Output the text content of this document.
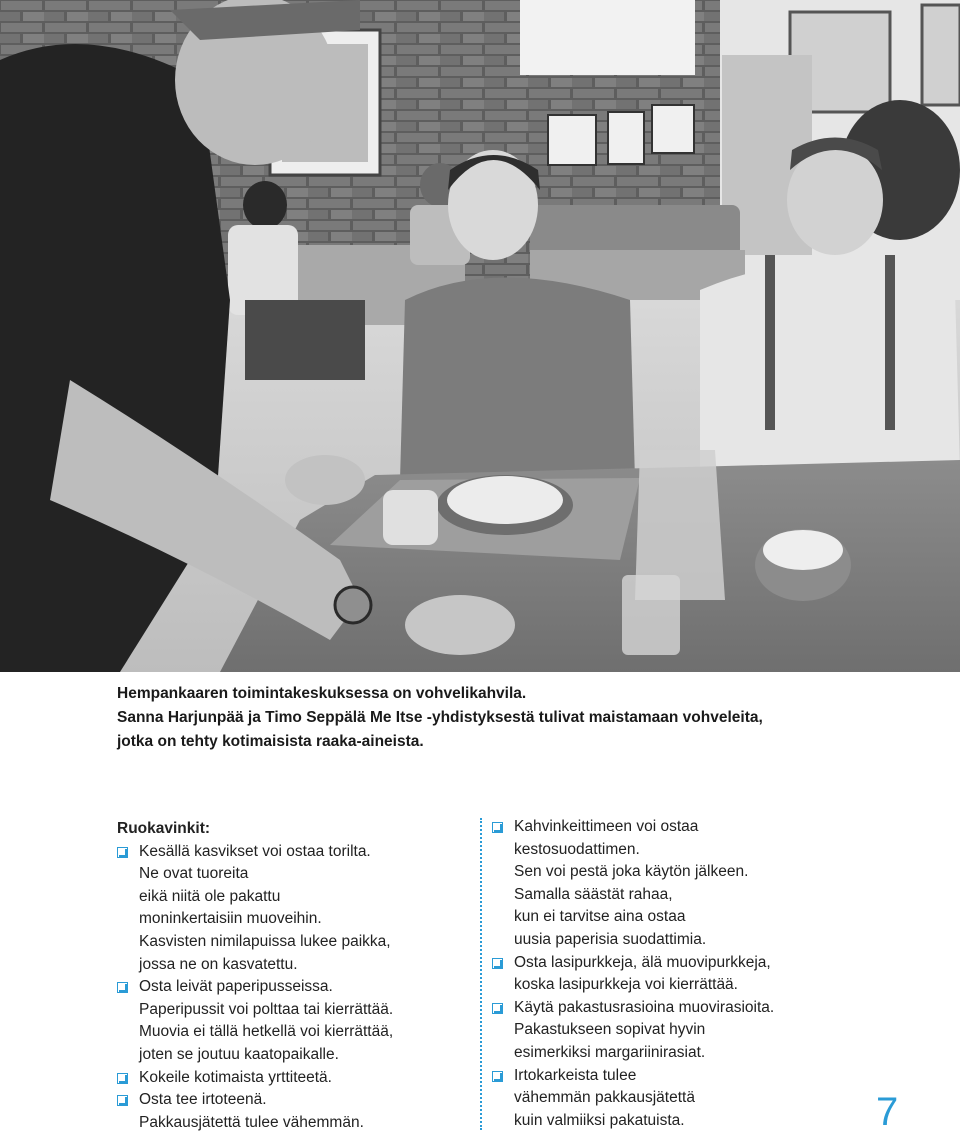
Hempankaaren toimintakeskuksessa on vohvelikahvila.
Sanna Harjunpää ja Timo Seppälä Me Itse -yhdistyksestä tulivat maistamaan vohveleita,
jotka on tehty kotimaisista raaka-aineista.
Ruokavinkit:
Kesällä kasvikset voi ostaa torilta.
Ne ovat tuoreita
eikä niitä ole pakattu
moninkertaisiin muoveihin.
Kasvisten nimilapuissa lukee paikka,
jossa ne on kasvatettu.
Osta leivät paperipusseissa.
Paperipussit voi polttaa tai kierrättää.
Muovia ei tällä hetkellä voi kierrättää,
joten se joutuu kaatopaikalle.
Kokeile kotimaista yrttiteetä.
Osta tee irtoteenä.
Pakkausjätettä tulee vähemmän.
Kahvinkeittimeen voi ostaa
kestosuodattimen.
Sen voi pestä joka käytön jälkeen.
Samalla säästät rahaa,
kun ei tarvitse aina ostaa
uusia paperisia suodattimia.
Osta lasipurkkeja, älä muovipurkkeja,
koska lasipurkkeja voi kierrättää.
Käytä pakastusrasioina muovirasioita.
Pakastukseen sopivat hyvin
esimerkiksi margariinirasiat.
Irtokarkeista tulee
vähemmän pakkausjätettä
kuin valmiiksi pakatuista.	7
